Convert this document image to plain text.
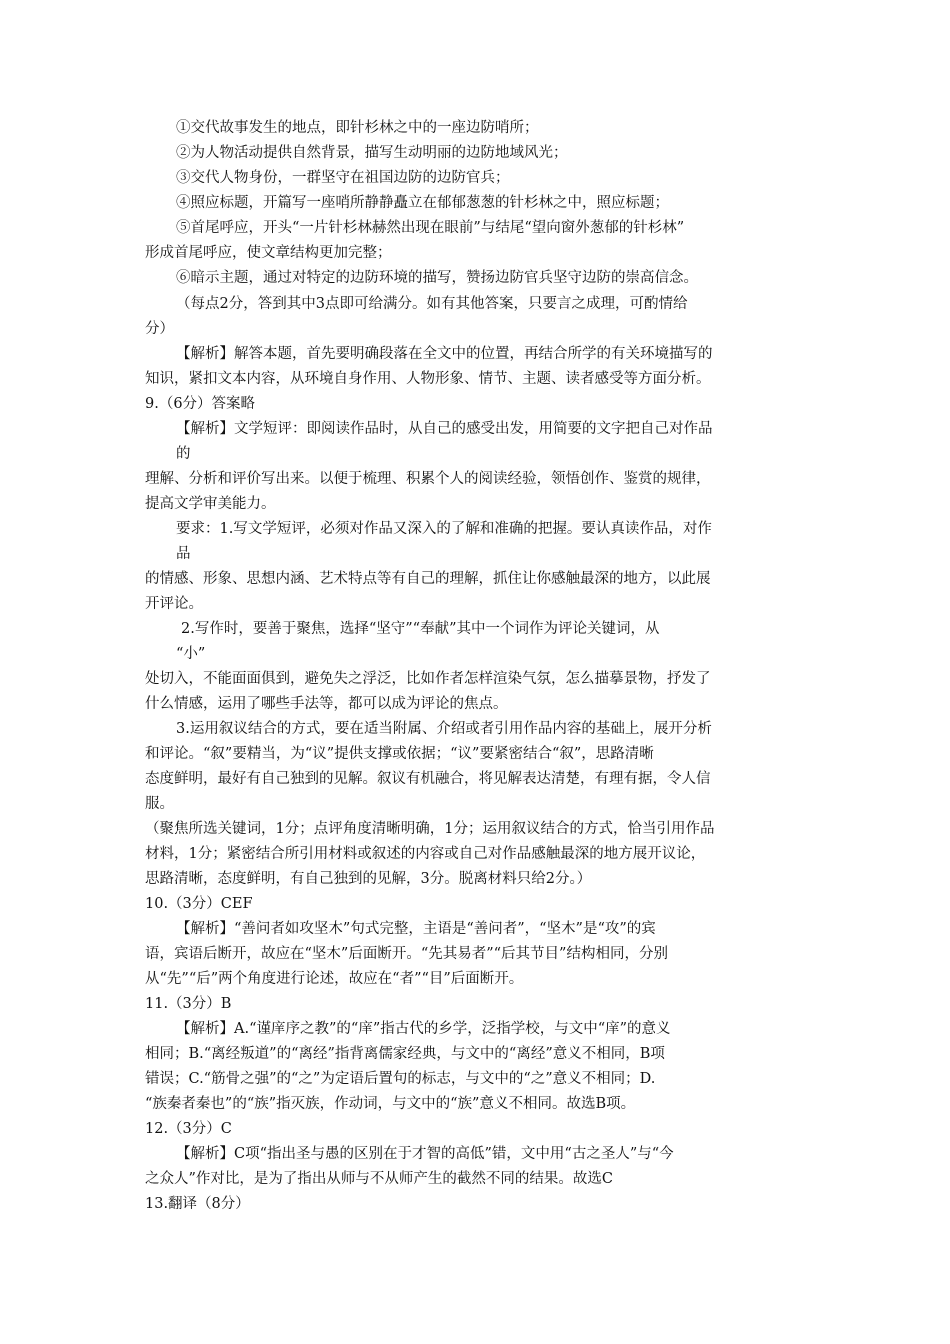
①交代故事发生的地点，即针杉林之中的一座边防哨所；
②为人物活动提供自然背景，描写生动明丽的边防地域风光；
③交代人物身份，一群坚守在祖国边防的边防官兵；
④照应标题，开篇写一座哨所静静矗立在郁郁葱葱的针杉林之中，照应标题；
⑤首尾呼应，开头“一片针杉林赫然出现在眼前”与结尾“望向窗外葱郁的针杉林”
形成首尾呼应，使文章结构更加完整；
⑥暗示主题，通过对特定的边防环境的描写，赞扬边防官兵坚守边防的崇高信念。
（每点2分，答到其中3点即可给满分。如有其他答案，只要言之成理，可酌情给
分）
【解析】解答本题，首先要明确段落在全文中的位置，再结合所学的有关环境描写的
知识，紧扣文本内容，从环境自身作用、人物形象、情节、主题、读者感受等方面分析。
9.（6分）答案略
【解析】文学短评：即阅读作品时，从自己的感受出发，用简要的文字把自己对作品
的
理解、分析和评价写出来。以便于梳理、积累个人的阅读经验，领悟创作、鉴赏的规律，
提高文学审美能力。
要求：1.写文学短评，必须对作品又深入的了解和准确的把握。要认真读作品，对作
品
的情感、形象、思想内涵、艺术特点等有自己的理解，抓住让你感触最深的地方，以此展
开评论。
2.写作时，要善于聚焦，选择“坚守”“奉献”其中一个词作为评论关键词，从
“小”
处切入，不能面面俱到，避免失之浮泛，比如作者怎样渲染气氛，怎么描摹景物，抒发了
什么情感，运用了哪些手法等，都可以成为评论的焦点。
3.运用叙议结合的方式，要在适当附属、介绍或者引用作品内容的基础上，展开分析
和评论。“叙”要精当，为“议”提供支撑或依据；“议”要紧密结合“叙”，思路清晰
态度鲜明，最好有自己独到的见解。叙议有机融合，将见解表达清楚，有理有据，令人信
服。
（聚焦所选关键词，1分；点评角度清晰明确，1分；运用叙议结合的方式，恰当引用作品
材料，1分；紧密结合所引用材料或叙述的内容或自己对作品感触最深的地方展开议论，
思路清晰，态度鲜明，有自己独到的见解，3分。脱离材料只给2分。）
10.（3分）CEF
【解析】“善问者如攻坚木”句式完整，主语是“善问者”，“坚木”是“攻”的宾
语，宾语后断开，故应在“坚木”后面断开。“先其易者”“后其节目”结构相同，分别
从“先”“后”两个角度进行论述，故应在“者”“目”后面断开。
11.（3分）B
【解析】A.“谨庠序之教”的“庠”指古代的乡学，泛指学校，与文中“庠”的意义
相同；B.“离经叛道”的“离经”指背离儒家经典，与文中的“离经”意义不相同，B项
错误；C.“筋骨之强”的“之”为定语后置句的标志，与文中的“之”意义不相同；D.
“族秦者秦也”的“族”指灭族，作动词，与文中的“族”意义不相同。故选B项。
12.（3分）C
【解析】C项“指出圣与愚的区别在于才智的高低”错，文中用“古之圣人”与“今
之众人”作对比，是为了指出从师与不从师产生的截然不同的结果。故选C
13.翻译（8分）
